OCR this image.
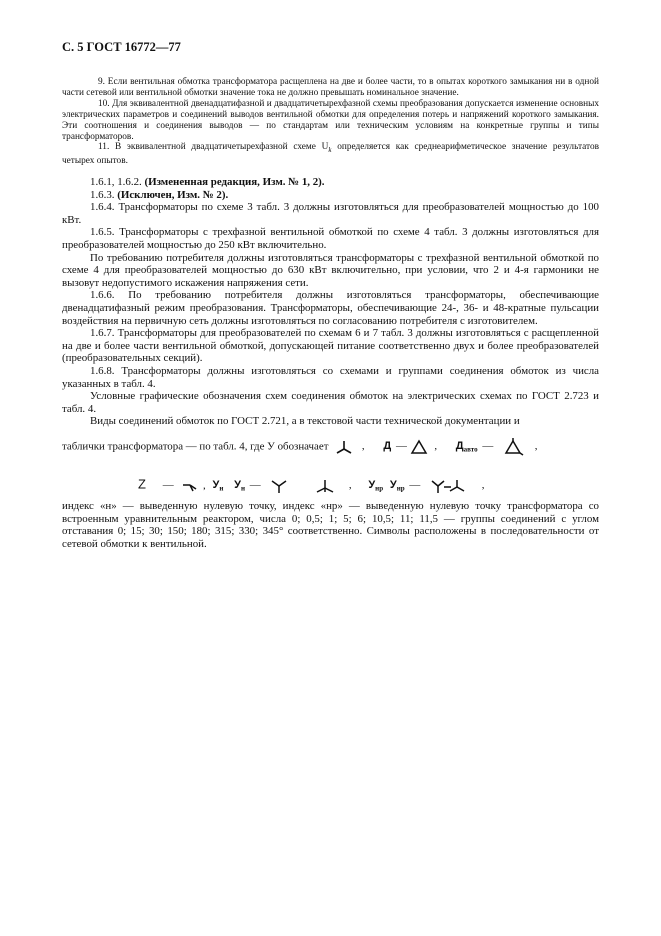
С. 5 ГОСТ 16772—77

9. Если вентильная обмотка трансформатора расщеплена на две и более части, то в опытах короткого замыкания ни в одной части сетевой или вентильной обмотки значение тока не должно превышать номинальное значение.

10. Для эквивалентной двенадцатифазной и двадцатичетырехфазной схемы преобразования допускается изменение основных электрических параметров и соединений выводов вентильной обмотки для определения потерь и напряжений короткого замыкания. Эти соотношения и соединения выводов — по стандартам или техническим условиям на конкретные группы и типы трансформаторов.

11. В эквивалентной двадцатичетырехфазной схеме $U_k$ определяется как среднеарифметическое значение результатов четырех опытов.

1.6.1, 1.6.2. (Измененная редакция, Изм. № 1, 2).

1.6.3. (Исключен, Изм. № 2).

1.6.4. Трансформаторы по схеме 3 табл. 3 должны изготовляться для преобразователей мощностью до 100 кВт.

1.6.5. Трансформаторы с трехфазной вентильной обмоткой по схеме 4 табл. 3 должны изготовляться для преобразователей мощностью до 250 кВт включительно.

По требованию потребителя должны изготовляться трансформаторы с трехфазной вентильной обмоткой по схеме 4 для преобразователей мощностью до 630 кВт включительно, при условии, что 2 и 4-я гармоники не вызовут недопустимого искажения напряжения сети.

1.6.6. По требованию потребителя должны изготовляться трансформаторы, обеспечивающие двенадцатифазный режим преобразования. Трансформаторы, обеспечивающие 24-, 36- и 48-кратные пульсации воздействия на первичную сеть должны изготовляться по согласованию потребителя с изготовителем.

1.6.7. Трансформаторы для преобразователей по схемам 6 и 7 табл. 3 должны изготовляться с расщепленной на две и более части вентильной обмоткой, допускающей питание соответственно двух и более преобразователей (преобразовательных секций).

1.6.8. Трансформаторы должны изготовляться со схемами и группами соединения обмоток из числа указанных в табл. 4.

Условные графические обозначения схем соединения обмоток на электрических схемах по ГОСТ 2.723 и табл. 4.

Виды соединений обмоток по ГОСТ 2.721, а в текстовой части технической документации и

таблички трансформатора — по табл. 4, где У обозначает	, Д —	, $Д_{авто}$ —	,
Z —	, $У_н$ $У_н$ —	, $У_{нр}$ $У_{нр}$ —	,

индекс «н» — выведенную нулевую точку, индекс «нр» — выведенную нулевую точку трансформатора со встроенным уравнительным реактором, числа 0; 0,5; 1; 5; 6; 10,5; 11; 11,5 — группы соединений с углом отставания 0; 15; 30; 150; 180; 315; 330; 345° соответственно. Символы расположены в последовательности от сетевой обмотки к вентильной.
